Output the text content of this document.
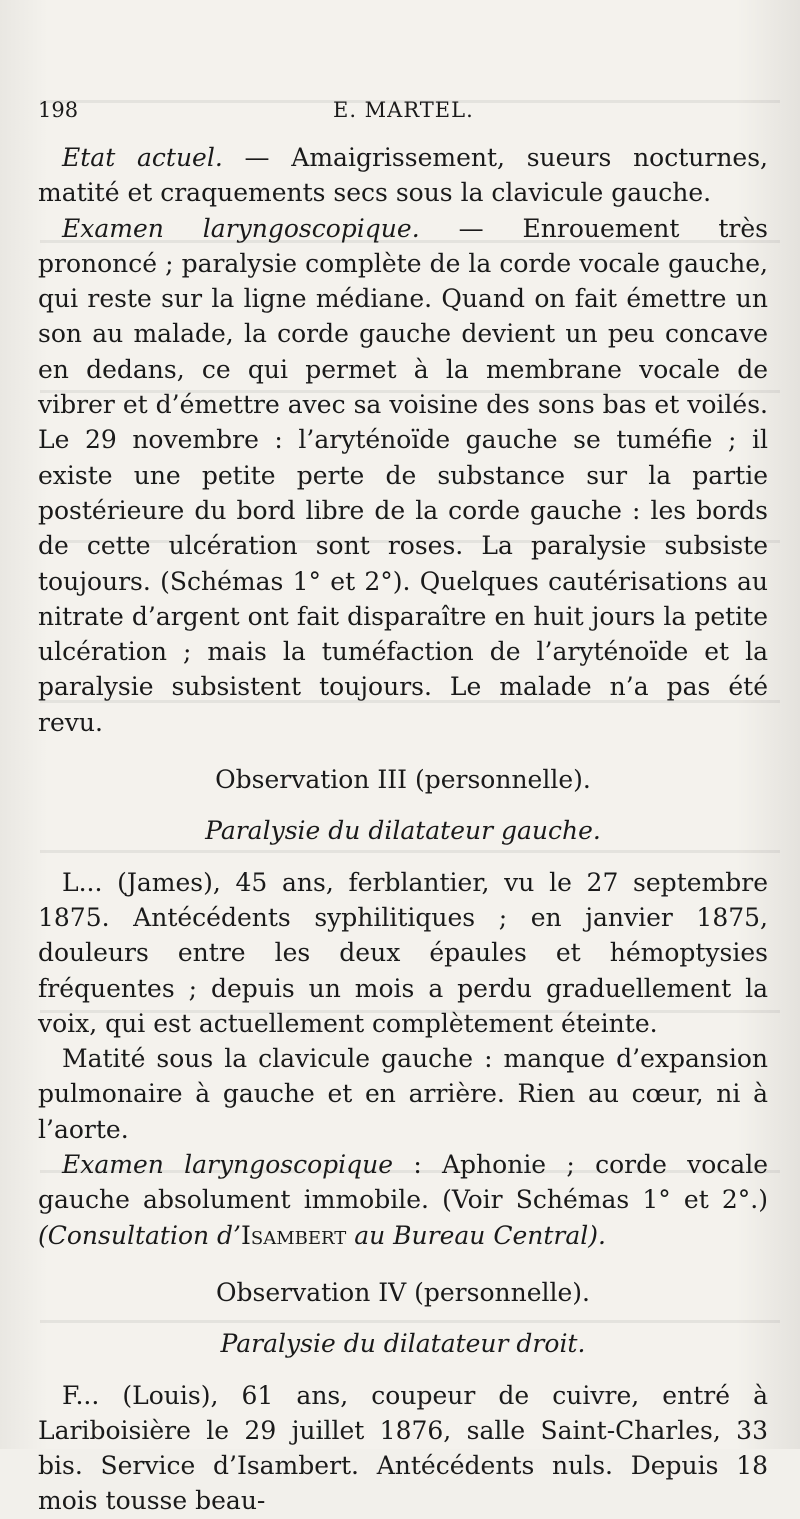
198	E. MARTEL.

Etat actuel. — Amaigrissement, sueurs nocturnes, matité et craquements secs sous la clavicule gauche.

Examen laryngoscopique. — Enrouement très prononcé ; paralysie complète de la corde vocale gauche, qui reste sur la ligne médiane. Quand on fait émettre un son au malade, la corde gauche devient un peu concave en dedans, ce qui permet à la membrane vocale de vibrer et d’émettre avec sa voisine des sons bas et voilés. Le 29 novembre : l’aryténoïde gauche se tuméfie ; il existe une petite perte de substance sur la partie postérieure du bord libre de la corde gauche : les bords de cette ulcération sont roses. La paralysie subsiste toujours. (Schémas 1° et 2°). Quelques cautérisations au nitrate d’argent ont fait disparaître en huit jours la petite ulcération ; mais la tuméfaction de l’aryténoïde et la paralysie subsistent toujours. Le malade n’a pas été revu.

Observation III (personnelle).

Paralysie du dilatateur gauche.

L... (James), 45 ans, ferblantier, vu le 27 septembre 1875. Antécédents syphilitiques ; en janvier 1875, douleurs entre les deux épaules et hémoptysies fréquentes ; depuis un mois a perdu graduellement la voix, qui est actuellement complètement éteinte.

Matité sous la clavicule gauche : manque d’expansion pulmonaire à gauche et en arrière. Rien au cœur, ni à l’aorte.

Examen laryngoscopique : Aphonie ; corde vocale gauche absolument immobile. (Voir Schémas 1° et 2°.) (Consultation d’Isambert au Bureau Central).

Observation IV (personnelle).

Paralysie du dilatateur droit.

F... (Louis), 61 ans, coupeur de cuivre, entré à Lariboisière le 29 juillet 1876, salle Saint-Charles, 33 bis. Service d’Isambert. Antécédents nuls. Depuis 18 mois tousse beau-
